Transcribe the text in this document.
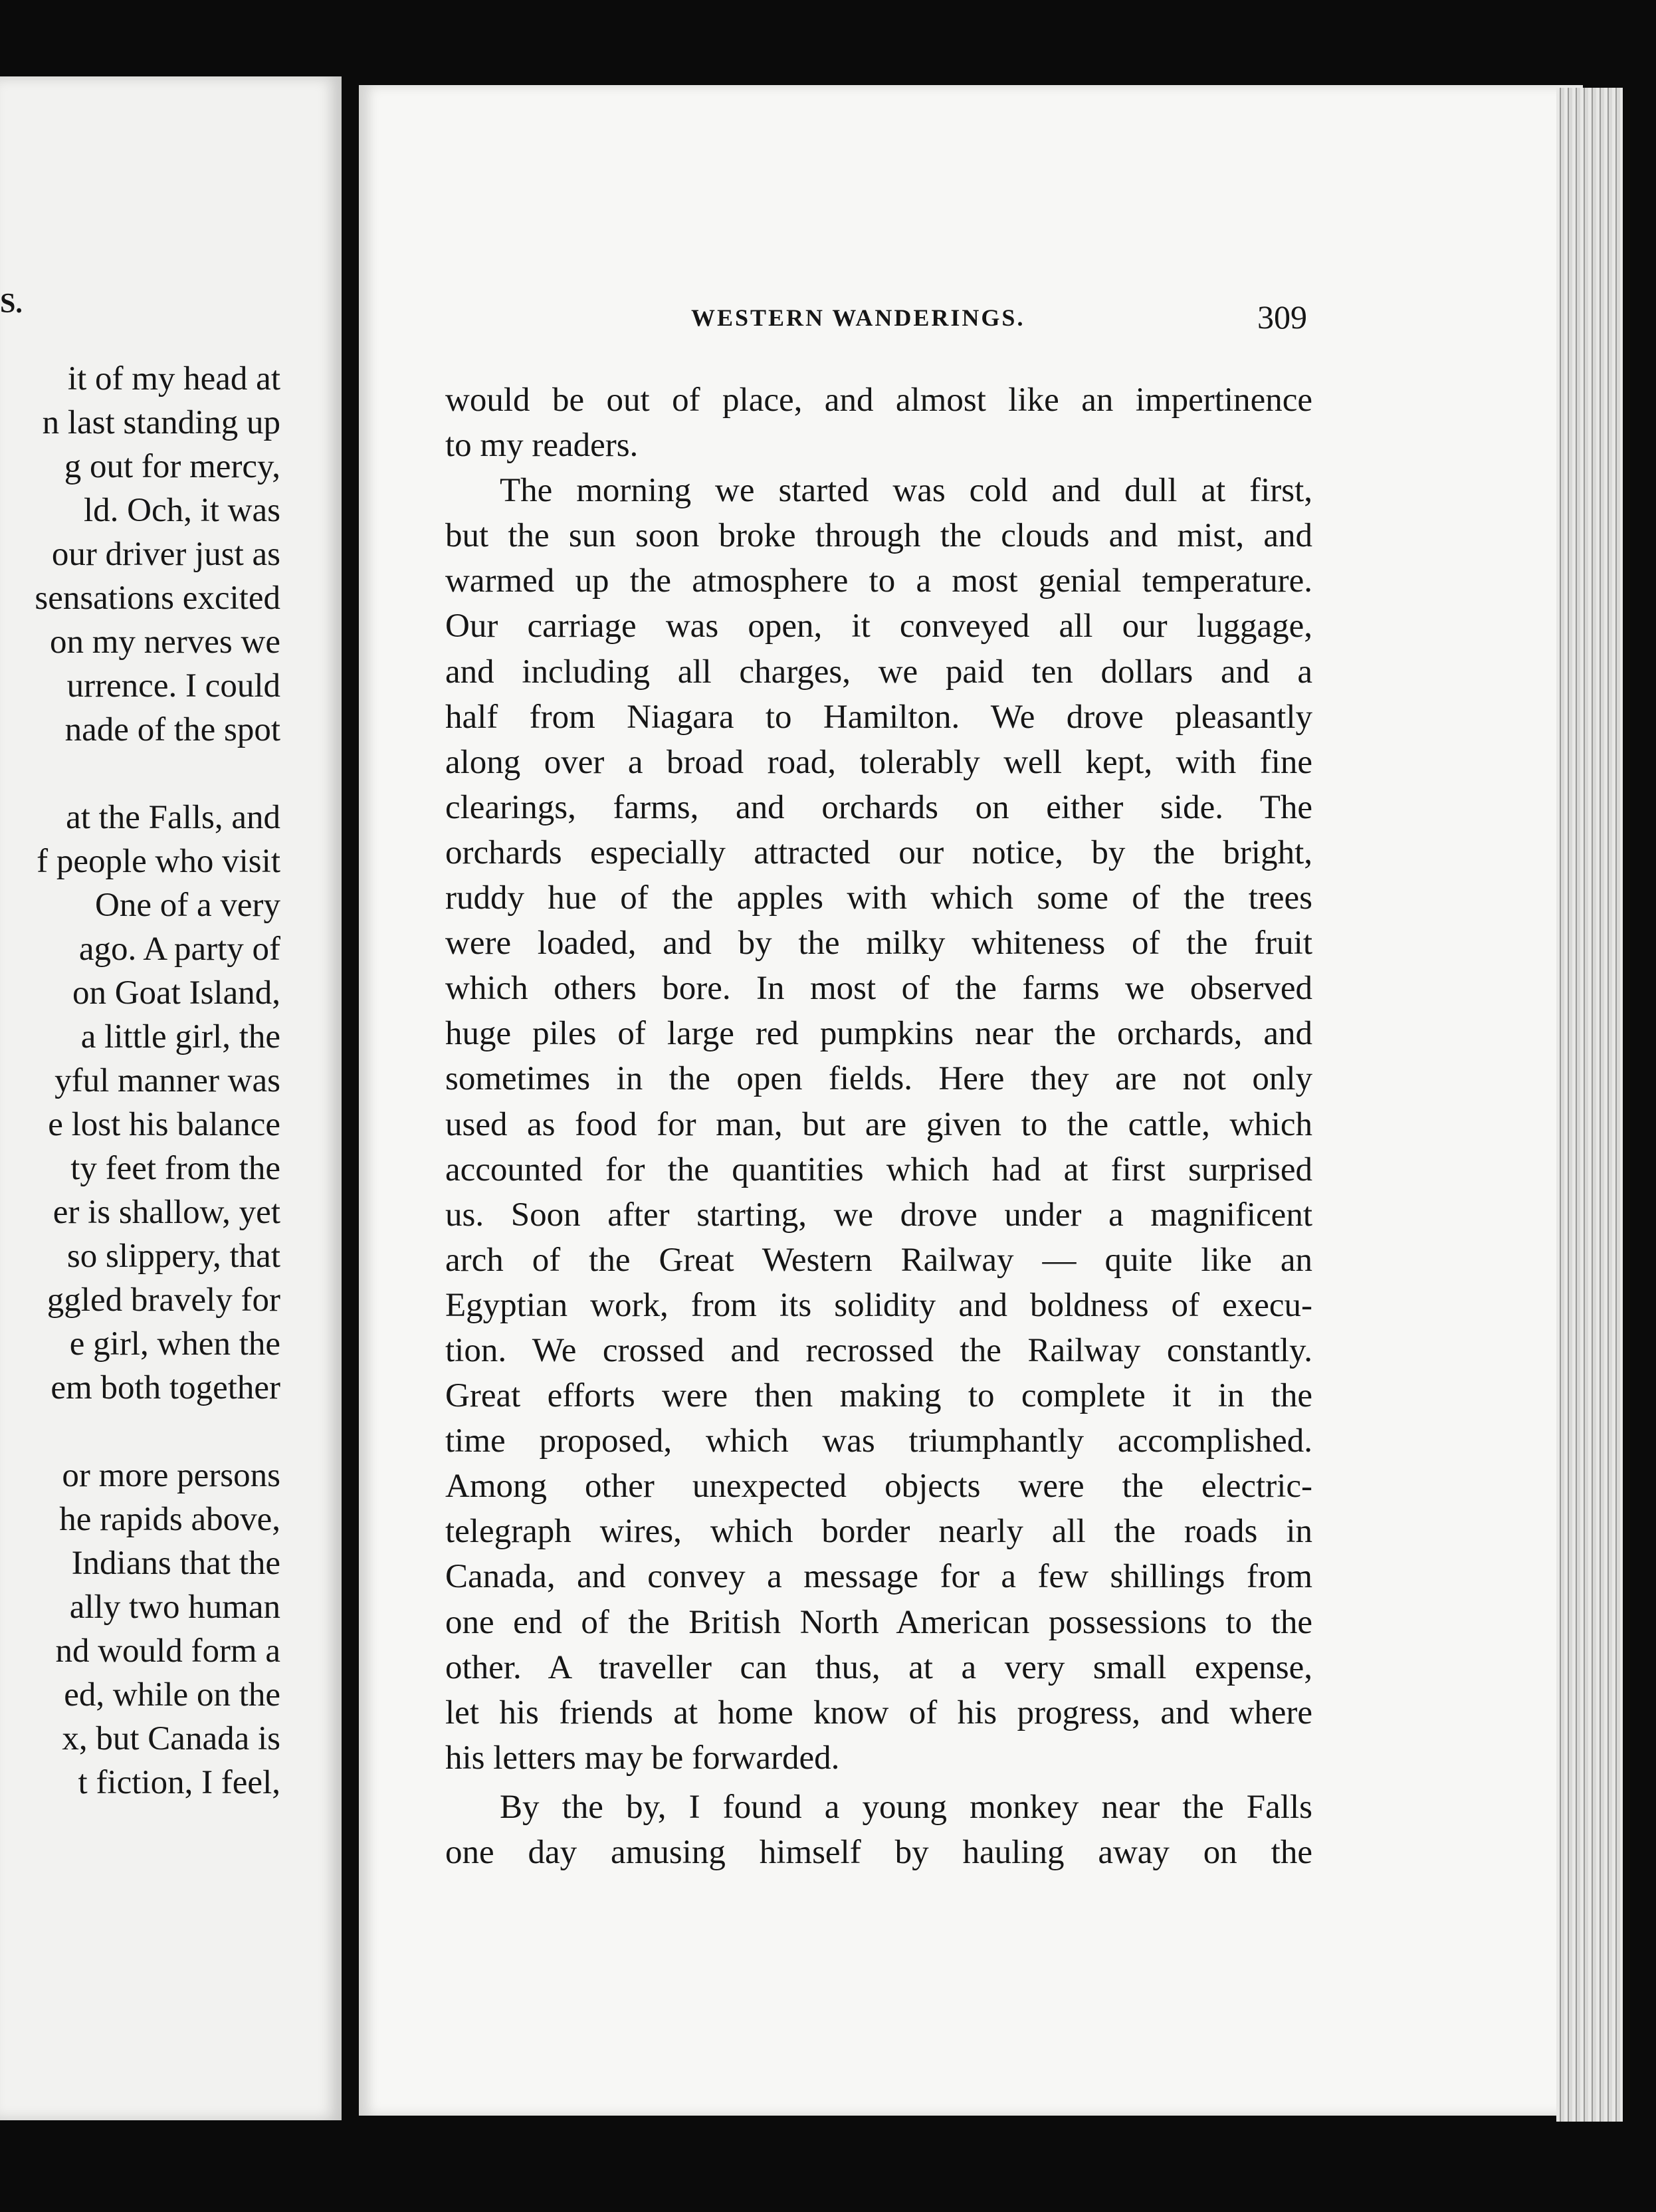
S.
it of my head at
n last standing up
g out for mercy,
ld. Och, it was
our driver just as
sensations excited
on my nerves we
urrence. I could
nade of the spot
at the Falls, and
f people who visit
One of a very
ago. A party of
on Goat Island,
a little girl, the
yful manner was
e lost his balance
ty feet from the
er is shallow, yet
so slippery, that
ggled bravely for
e girl, when the
em both together
or more persons
he rapids above,
Indians that the
ally two human
nd would form a
ed, while on the
x, but Canada is
t fiction, I feel,
WESTERN WANDERINGS.	309
would be out of place, and almost like an impertinence
to my readers.
The morning we started was cold and dull at first,
but the sun soon broke through the clouds and mist, and
warmed up the atmosphere to a most genial temperature.
Our carriage was open, it conveyed all our luggage,
and including all charges, we paid ten dollars and a
half from Niagara to Hamilton. We drove pleasantly
along over a broad road, tolerably well kept, with fine
clearings, farms, and orchards on either side. The
orchards especially attracted our notice, by the bright,
ruddy hue of the apples with which some of the trees
were loaded, and by the milky whiteness of the fruit
which others bore. In most of the farms we observed
huge piles of large red pumpkins near the orchards, and
sometimes in the open fields. Here they are not only
used as food for man, but are given to the cattle, which
accounted for the quantities which had at first surprised
us. Soon after starting, we drove under a magnificent
arch of the Great Western Railway — quite like an
Egyptian work, from its solidity and boldness of execu-
tion. We crossed and recrossed the Railway constantly.
Great efforts were then making to complete it in the
time proposed, which was triumphantly accomplished.
Among other unexpected objects were the electric-
telegraph wires, which border nearly all the roads in
Canada, and convey a message for a few shillings from
one end of the British North American possessions to the
other. A traveller can thus, at a very small expense,
let his friends at home know of his progress, and where
his letters may be forwarded.
By the by, I found a young monkey near the Falls
one day amusing himself by hauling away on the
